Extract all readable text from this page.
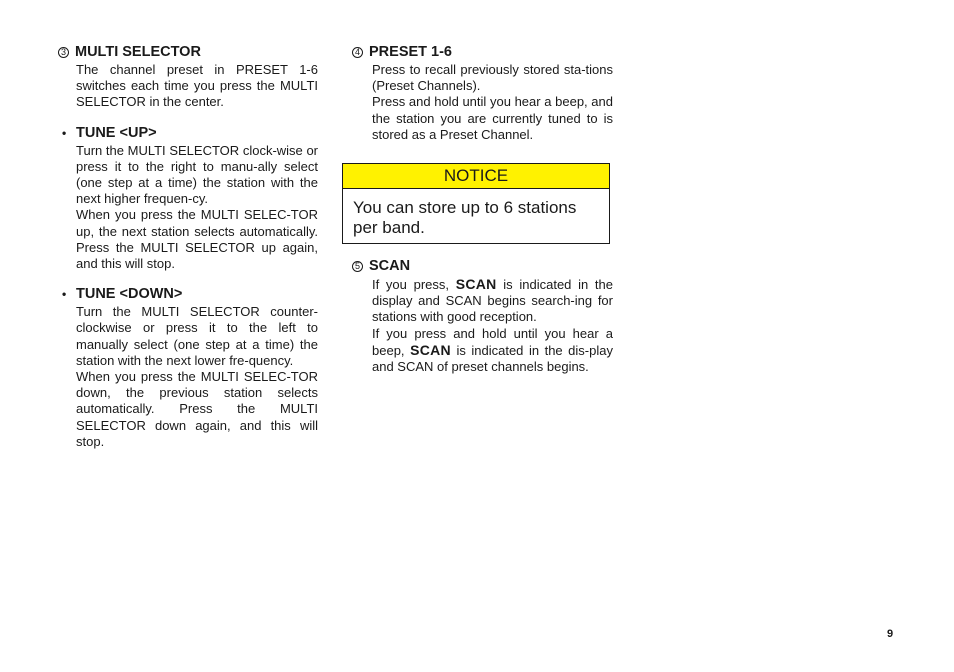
3 MULTI SELECTOR

The channel preset in PRESET 1-6 switches each time you press the MULTI SELECTOR in the center.

• TUNE <UP>

Turn the MULTI SELECTOR clock-wise or press it to the right to manu-ally select (one step at a time) the station with the next higher frequen-cy.
When you press the MULTI SELEC-TOR up, the next station selects automatically. Press the MULTI SELECTOR up again, and this will stop.

• TUNE <DOWN>

Turn the MULTI SELECTOR counter-clockwise or press it to the left to manually select (one step at a time) the station with the next lower fre-quency.
When you press the MULTI SELEC-TOR down, the previous station selects automatically. Press the MULTI SELECTOR down again, and this will stop.

4 PRESET 1-6

Press to recall previously stored sta-tions (Preset Channels).
Press and hold until you hear a beep, and the station you are currently tuned to is stored as a Preset Channel.

NOTICE
You can store up to 6 stations per band.
5 SCAN

If you press, SCAN is indicated in the display and SCAN begins search-ing for stations with good reception.
If you press and hold until you hear a beep, SCAN is indicated in the dis-play and SCAN of preset channels begins.

9
